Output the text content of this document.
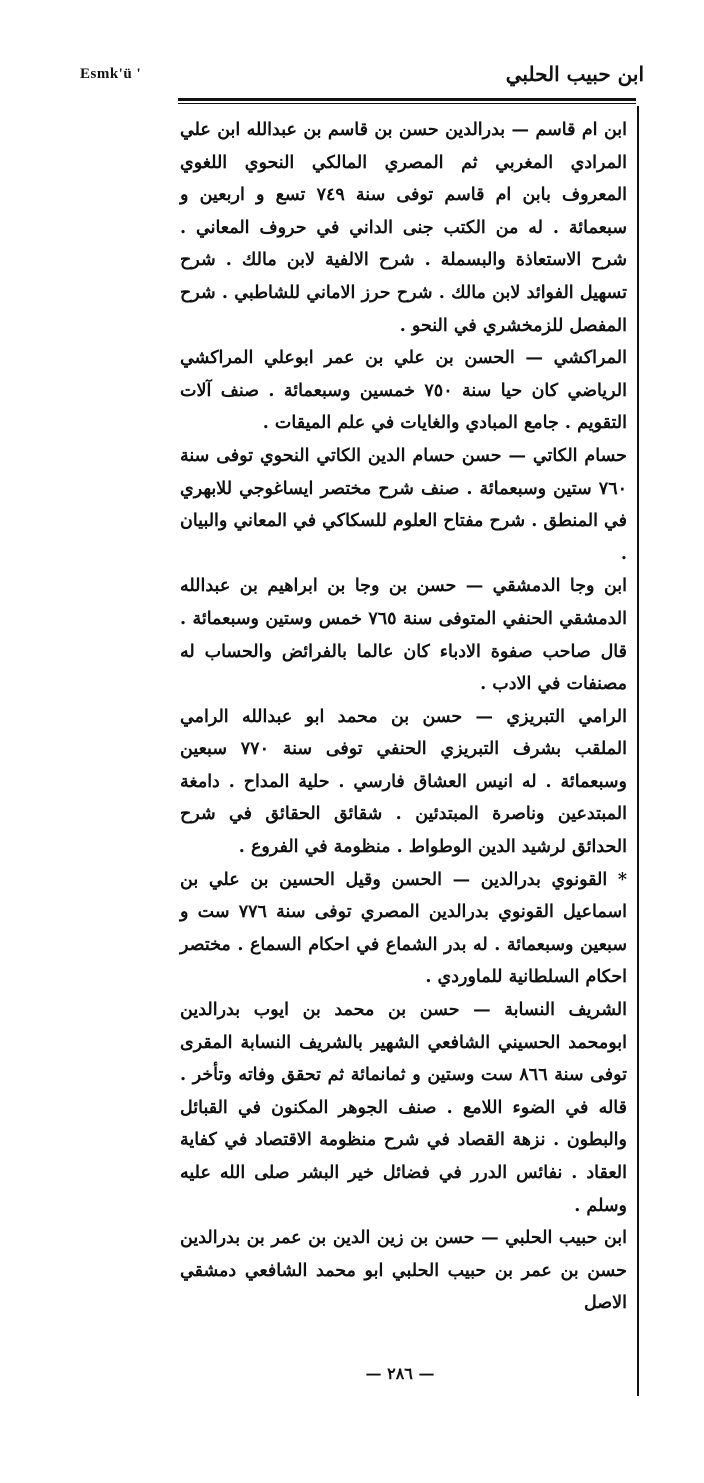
Esmk'ü '	ابن حبيب الحلبي

ابن ام قاسم — بدرالدين حسن بن قاسم بن عبدالله ابن علي المرادي المغربي ثم المصري المالكي النحوي اللغوي المعروف بابن ام قاسم توفى سنة ٧٤٩ تسع و اربعين و سبعمائة . له من الكتب جنى الداني في حروف المعاني . شرح الاستعاذة والبسملة . شرح الالفية لابن مالك . شرح تسهيل الفوائد لابن مالك . شرح حرز الاماني للشاطبي . شرح المفصل للزمخشري في النحو .

المراكشي — الحسن بن علي بن عمر ابوعلي المراكشي الرياضي كان حيا سنة ٧٥٠ خمسين وسبعمائة . صنف آلات التقويم . جامع المبادي والغايات في علم الميقات .

حسام الكاتي — حسن حسام الدين الكاتي النحوي توفى سنة ٧٦٠ ستين وسبعمائة . صنف شرح مختصر ايساغوجي للابهري في المنطق . شرح مفتاح العلوم للسكاكي في المعاني والبيان .

ابن وجا الدمشقي — حسن بن وجا بن ابراهيم بن عبدالله الدمشقي الحنفي المتوفى سنة ٧٦٥ خمس وستين وسبعمائة . قال صاحب صفوة الادباء كان عالما بالفرائض والحساب له مصنفات في الادب .

الرامي التبريزي — حسن بن محمد ابو عبدالله الرامي الملقب بشرف التبريزي الحنفي توفى سنة ٧٧٠ سبعين وسبعمائة . له انيس العشاق فارسي . حلية المداح . دامغة المبتدعين وناصرة المبتدئين . شقائق الحقائق في شرح الحدائق لرشيد الدين الوطواط . منظومة في الفروع .

* القونوي بدرالدين — الحسن وقيل الحسين بن علي بن اسماعيل القونوي بدرالدين المصري توفى سنة ٧٧٦ ست و سبعين وسبعمائة . له بدر الشماع في احكام السماع . مختصر احكام السلطانية للماوردي .

الشريف النسابة — حسن بن محمد بن ايوب بدرالدين ابومحمد الحسيني الشافعي الشهير بالشريف النسابة المقرى توفى سنة ٨٦٦ ست وستين و ثمانمائة ثم تحقق وفاته وتأخر . قاله في الضوء اللامع . صنف الجوهر المكنون في القبائل والبطون . نزهة القصاد في شرح منظومة الاقتصاد في كفاية العقاد . نفائس الدرر في فضائل خير البشر صلى الله عليه وسلم .

ابن حبيب الحلبي — حسن بن زين الدين بن عمر بن بدرالدين حسن بن عمر بن حبيب الحلبي ابو محمد الشافعي دمشقي الاصل

— ٢٨٦ —
